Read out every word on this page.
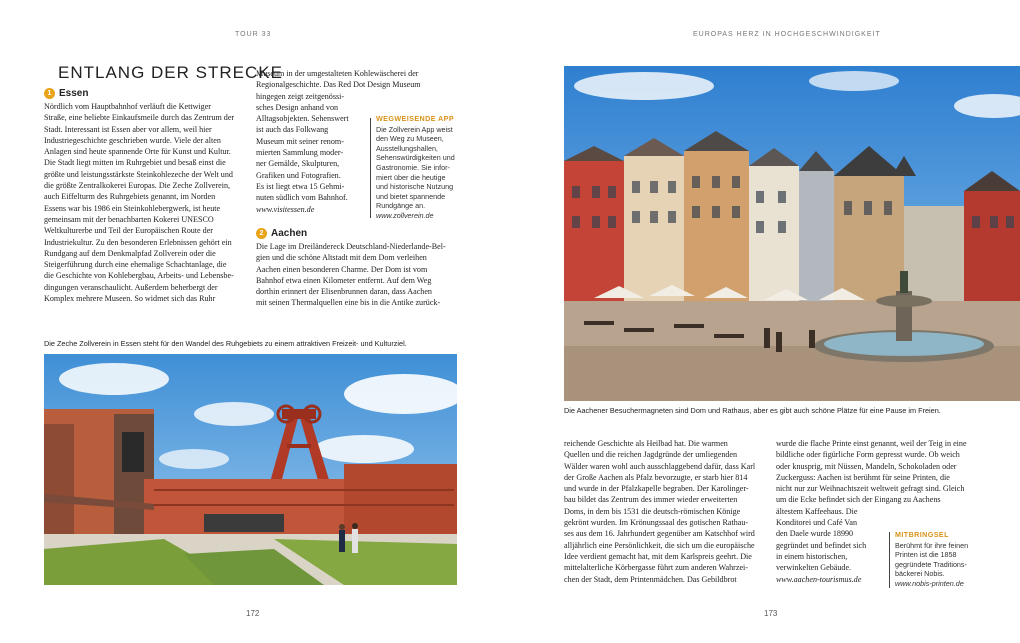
TOUR 33	EUROPAS HERZ IN HOCHGESCHWINDIGKEIT
ENTLANG DER STRECKE
1 Essen

Nördlich vom Hauptbahnhof verläuft die Kettwiger

Straße, eine beliebte Einkaufsmeile durch das Zentrum der

Stadt. Interessant ist Essen aber vor allem, weil hier

Industriegeschichte geschrieben wurde. Viele der alten

Anlagen sind heute spannende Orte für Kunst und Kultur.

Die Stadt liegt mitten im Ruhrgebiet und besaß einst die

größte und leistungsstärkste Steinkohlezeche der Welt und

die größte Zentralkokerei Europas. Die Zeche Zollverein,

auch Eiffelturm des Ruhrgebiets genannt, im Norden

Essens war bis 1986 ein Steinkohlebergwerk, ist heute

gemeinsam mit der benachbarten Kokerei UNESCO

Weltkulturerbe und Teil der Europäischen Route der

Industriekultur. Zu den besonderen Erlebnissen gehört ein

Rundgang auf dem Denkmalpfad Zollverein oder die

Steigerführung durch eine ehemalige Schachtanlage, die

die Geschichte von Kohlebergbau, Arbeits- und Lebensbe-

dingungen veranschaulicht. Außerdem beherbergt der

Komplex mehrere Museen. So widmet sich das Ruhr

Museum in der umgestalteten Kohlewäscherei der

Regionalgeschichte. Das Red Dot Design Museum

hingegen zeigt zeitgenössi-

sches Design anhand von

Alltagsobjekten. Sehenswert

ist auch das Folkwang

Museum mit seiner renom-

mierten Sammlung moder-

ner Gemälde, Skulpturen,

Grafiken und Fotografien.

Es ist liegt etwa 15 Gehmi-

nuten südlich vom Bahnhof.

www.visitessen.de

WEGWEISENDE APP
Die Zollverein App weist
den Weg zu Museen,
Ausstellungshallen,
Sehenswürdigkeiten und
Gastronomie. Sie infor-
miert über die heutige
und historische Nutzung
und bietet spannende
Rundgänge an.
www.zollverein.de
2 Aachen

Die Lage im Dreiländereck Deutschland-Niederlande-Bel-

gien und die schöne Altstadt mit dem Dom verleihen

Aachen einen besonderen Charme. Der Dom ist vom

Bahnhof etwa einen Kilometer entfernt. Auf dem Weg

dorthin erinnert der Elisenbrunnen daran, dass Aachen

mit seinen Thermalquellen eine bis in die Antike zurück-

Die Zeche Zollverein in Essen steht für den Wandel des Ruhgebiets zu einem attraktiven Freizeit- und Kulturziel.
Die Aachener Besuchermagneten sind Dom und Rathaus, aber es gibt auch schöne Plätze für eine Pause im Freien.

reichende Geschichte als Heilbad hat. Die warmen

Quellen und die reichen Jagdgründe der umliegenden

Wälder waren wohl auch ausschlaggebend dafür, dass Karl

der Große Aachen als Pfalz bevorzugte, er starb hier 814

und wurde in der Pfalzkapelle begraben. Der Karolinger-

bau bildet das Zentrum des immer wieder erweiterten

Doms, in dem bis 1531 die deutsch-römischen Könige

gekrönt wurden. Im Krönungssaal des gotischen Rathau-

ses aus dem 16. Jahrhundert gegenüber am Katschhof wird

alljährlich eine Persönlichkeit, die sich um die europäische

Idee verdient gemacht hat, mit dem Karlspreis geehrt. Die

mittelalterliche Körbergasse führt zum anderen Wahrzei-

chen der Stadt, dem Printenmädchen. Das Gebildbrot

wurde die flache Printe einst genannt, weil der Teig in eine

bildliche oder figürliche Form gepresst wurde. Ob weich

oder knusprig, mit Nüssen, Mandeln, Schokoladen oder

Zuckerguss: Aachen ist berühmt für seine Printen, die

nicht nur zur Weihnachtszeit weltweit gefragt sind. Gleich

um die Ecke befindet sich der Eingang zu Aachens

ältestem Kaffeehaus. Die

Konditorei und Café Van

den Daele wurde 18990

gegründet und befindet sich

in einem historischen,

verwinkelten Gebäude.

www.aachen-tourismus.de

MITBRINGSEL
Berühmt für ihre feinen
Printen ist die 1858
gegründete Traditions-
bäckerei Nobis.
www.nobis-printen.de
172	173
